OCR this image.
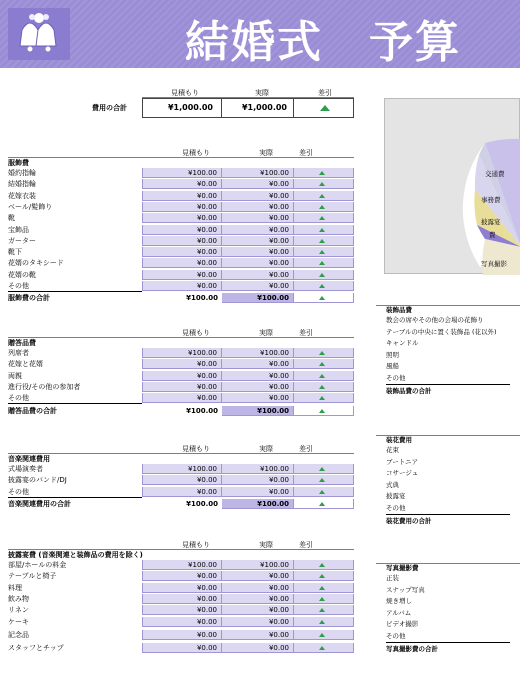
結婚式　予算
見積もり	実際	差引
費用の合計	¥1,000.00	¥1,000.00
見積もり	実際	差引
服飾費
婚約指輪	¥100.00	¥100.00
結婚指輪	¥0.00	¥0.00
花嫁衣装	¥0.00	¥0.00
ベール/髪飾り	¥0.00	¥0.00
靴	¥0.00	¥0.00
宝飾品	¥0.00	¥0.00
ガーター	¥0.00	¥0.00
靴下	¥0.00	¥0.00
花婿のタキシード	¥0.00	¥0.00
花婿の靴	¥0.00	¥0.00
その他	¥0.00	¥0.00
服飾費の合計	¥100.00	¥100.00
見積もり	実際	差引
贈答品費
列席者	¥100.00	¥100.00
花嫁と花婿	¥0.00	¥0.00
両親	¥0.00	¥0.00
進行役/その他の参加者	¥0.00	¥0.00
その他	¥0.00	¥0.00
贈答品費の合計	¥100.00	¥100.00
見積もり	実際	差引
音楽関連費用
式場演奏者	¥100.00	¥100.00
披露宴のバンド/DJ	¥0.00	¥0.00
その他	¥0.00	¥0.00
音楽関連費用の合計	¥100.00	¥100.00
見積もり	実際	差引
披露宴費 (音楽関連と装飾品の費用を除く)
部屋/ホールの料金	¥100.00	¥100.00
テーブルと椅子	¥0.00	¥0.00
料理	¥0.00	¥0.00
飲み物	¥0.00	¥0.00
リネン	¥0.00	¥0.00
ケーキ	¥0.00	¥0.00
記念品	¥0.00	¥0.00
スタッフとチップ	¥0.00	¥0.00
交通費
事務費
披露宴
費
写真撮影
装飾品費
教会の席やその他の会場の花飾り
テーブルの中央に置く装飾品 (花以外)
キャンドル
照明
風船
その他
装飾品費の合計
装花費用
花束
ブートニア
コサージュ
式典
披露宴
その他
装花費用の合計
写真撮影費
正装
スナップ写真
焼き増し
アルバム
ビデオ撮影
その他
写真撮影費の合計
